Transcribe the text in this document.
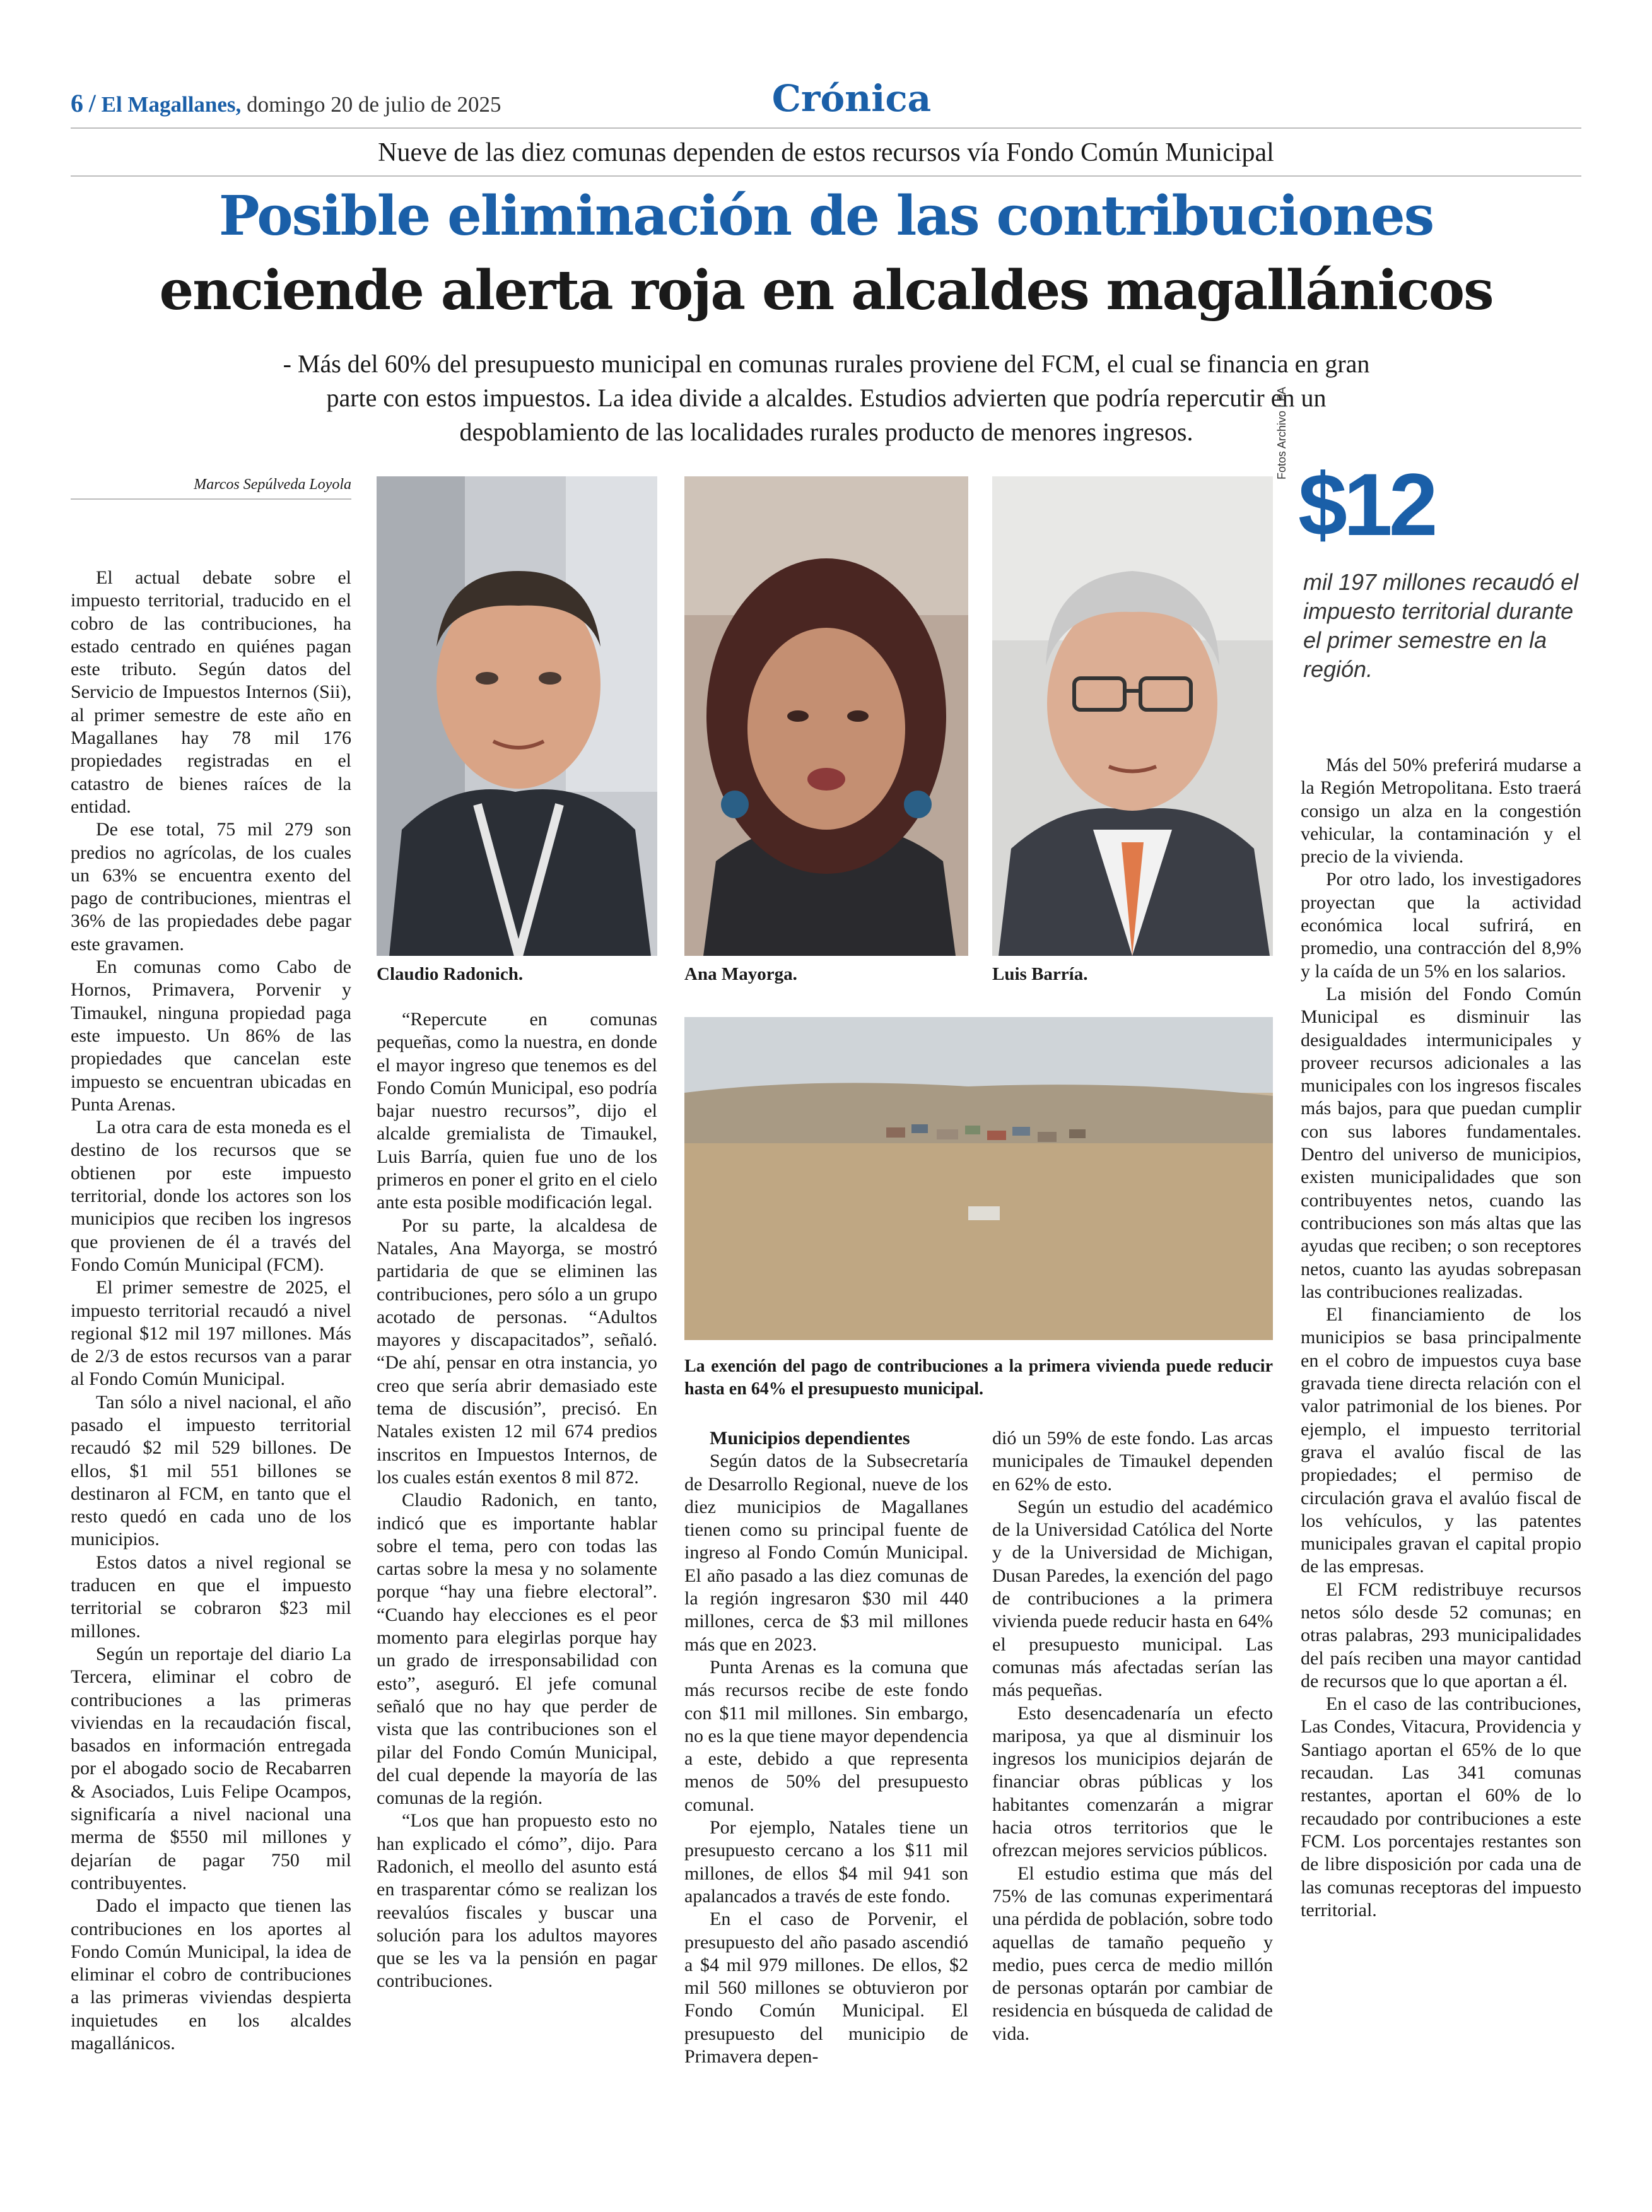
6 / El Magallanes, domingo 20 de julio de 2025	Crónica
Nueve de las diez comunas dependen de estos recursos vía Fondo Común Municipal
Posible eliminación de las contribuciones
enciende alerta roja en alcaldes magallánicos
- Más del 60% del presupuesto municipal en comunas rurales proviene del FCM, el cual se financia en gran parte con estos impuestos. La idea divide a alcaldes. Estudios advierten que podría repercutir en un despoblamiento de las localidades rurales producto de menores ingresos.
Marcos Sepúlveda Loyola
Claudio Radonich.	Ana Mayorga.	Luis Barría.
Fotos Archivo LPA
$12
mil 197 millones recaudó el impuesto territorial durante el primer semestre en la región.
La exención del pago de contribuciones a la primera vivienda puede reducir hasta en 64% el presupuesto municipal.

El actual debate sobre el impuesto territorial, traducido en el cobro de las contribuciones, ha estado centrado en quiénes pagan este tributo. Según datos del Servicio de Impuestos Internos (Sii), al primer semestre de este año en Magallanes hay 78 mil 176 propiedades registradas en el catastro de bienes raíces de la entidad.

De ese total, 75 mil 279 son predios no agrícolas, de los cuales un 63% se encuentra exento del pago de contribuciones, mientras el 36% de las propiedades debe pagar este gravamen.

En comunas como Cabo de Hornos, Primavera, Porvenir y Timaukel, ninguna propiedad paga este impuesto. Un 86% de las propiedades que cancelan este impuesto se encuentran ubicadas en Punta Arenas.

La otra cara de esta moneda es el destino de los recursos que se obtienen por este impuesto territorial, donde los actores son los municipios que reciben los ingresos que provienen de él a través del Fondo Común Municipal (FCM).

El primer semestre de 2025, el impuesto territorial recaudó a nivel regional $12 mil 197 millones. Más de 2/3 de estos recursos van a parar al Fondo Común Municipal.

Tan sólo a nivel nacional, el año pasado el impuesto territorial recaudó $2 mil 529 billones. De ellos, $1 mil 551 billones se destinaron al FCM, en tanto que el resto quedó en cada uno de los municipios.

Estos datos a nivel regional se traducen en que el impuesto territorial se cobraron $23 mil millones.

Según un reportaje del diario La Tercera, eliminar el cobro de contribuciones a las primeras viviendas en la recaudación fiscal, basados en información entregada por el abogado socio de Recabarren & Asociados, Luis Felipe Ocampos, significaría a nivel nacional una merma de $550 mil millones y dejarían de pagar 750 mil contribuyentes.

Dado el impacto que tienen las contribuciones en los aportes al Fondo Común Municipal, la idea de eliminar el cobro de contribuciones a las primeras viviendas despierta inquietudes en los alcaldes magallánicos.

“Repercute en comunas pequeñas, como la nuestra, en donde el mayor ingreso que tenemos es del Fondo Común Municipal, eso podría bajar nuestro recursos”, dijo el alcalde gremialista de Timaukel, Luis Barría, quien fue uno de los primeros en poner el grito en el cielo ante esta posible modificación legal.

Por su parte, la alcaldesa de Natales, Ana Mayorga, se mostró partidaria de que se eliminen las contribuciones, pero sólo a un grupo acotado de personas. “Adultos mayores y discapacitados”, señaló. “De ahí, pensar en otra instancia, yo creo que sería abrir demasiado este tema de discusión”, precisó. En Natales existen 12 mil 674 predios inscritos en Impuestos Internos, de los cuales están exentos 8 mil 872.

Claudio Radonich, en tanto, indicó que es importante hablar sobre el tema, pero con todas las cartas sobre la mesa y no solamente porque “hay una fiebre electoral”. “Cuando hay elecciones es el peor momento para elegirlas porque hay un grado de irresponsabilidad con esto”, aseguró. El jefe comunal señaló que no hay que perder de vista que las contribuciones son el pilar del Fondo Común Municipal, del cual depende la mayoría de las comunas de la región.

“Los que han propuesto esto no han explicado el cómo”, dijo. Para Radonich, el meollo del asunto está en trasparentar cómo se realizan los reevalúos fiscales y buscar una solución para los adultos mayores que se les va la pensión en pagar contribuciones.

Municipios dependientes

Según datos de la Subsecretaría de Desarrollo Regional, nueve de los diez municipios de Magallanes tienen como su principal fuente de ingreso al Fondo Común Municipal. El año pasado a las diez comunas de la región ingresaron $30 mil 440 millones, cerca de $3 mil millones más que en 2023.

Punta Arenas es la comuna que más recursos recibe de este fondo con $11 mil millones. Sin embargo, no es la que tiene mayor dependencia a este, debido a que representa menos de 50% del presupuesto comunal.

Por ejemplo, Natales tiene un presupuesto cercano a los $11 mil millones, de ellos $4 mil 941 son apalancados a través de este fondo.

En el caso de Porvenir, el presupuesto del año pasado ascendió a $4 mil 979 millones. De ellos, $2 mil 560 millones se obtuvieron por Fondo Común Municipal. El presupuesto del municipio de Primavera depen-

dió un 59% de este fondo. Las arcas municipales de Timaukel dependen en 62% de esto.

Según un estudio del académico de la Universidad Católica del Norte y de la Universidad de Michigan, Dusan Paredes, la exención del pago de contribuciones a la primera vivienda puede reducir hasta en 64% el presupuesto municipal. Las comunas más afectadas serían las más pequeñas.

Esto desencadenaría un efecto mariposa, ya que al disminuir los ingresos los municipios dejarán de financiar obras públicas y los habitantes comenzarán a migrar hacia otros territorios que le ofrezcan mejores servicios públicos.

El estudio estima que más del 75% de las comunas experimentará una pérdida de población, sobre todo aquellas de tamaño pequeño y medio, pues cerca de medio millón de personas optarán por cambiar de residencia en búsqueda de calidad de vida.

Más del 50% preferirá mudarse a la Región Metropolitana. Esto traerá consigo un alza en la congestión vehicular, la contaminación y el precio de la vivienda.

Por otro lado, los investigadores proyectan que la actividad económica local sufrirá, en promedio, una contracción del 8,9% y la caída de un 5% en los salarios.

La misión del Fondo Común Municipal es disminuir las desigualdades intermunicipales y proveer recursos adicionales a las municipales con los ingresos fiscales más bajos, para que puedan cumplir con sus labores fundamentales. Dentro del universo de municipios, existen municipalidades que son contribuyentes netos, cuando las contribuciones son más altas que las ayudas que reciben; o son receptores netos, cuanto las ayudas sobrepasan las contribuciones realizadas.

El financiamiento de los municipios se basa principalmente en el cobro de impuestos cuya base gravada tiene directa relación con el valor patrimonial de los bienes. Por ejemplo, el impuesto territorial grava el avalúo fiscal de las propiedades; el permiso de circulación grava el avalúo fiscal de los vehículos, y las patentes municipales gravan el capital propio de las empresas.

El FCM redistribuye recursos netos sólo desde 52 comunas; en otras palabras, 293 municipalidades del país reciben una mayor cantidad de recursos que lo que aportan a él.

En el caso de las contribuciones, Las Condes, Vitacura, Providencia y Santiago aportan el 65% de lo que recaudan. Las 341 comunas restantes, aportan el 60% de lo recaudado por contribuciones a este FCM. Los porcentajes restantes son de libre disposición por cada una de las comunas receptoras del impuesto territorial.
